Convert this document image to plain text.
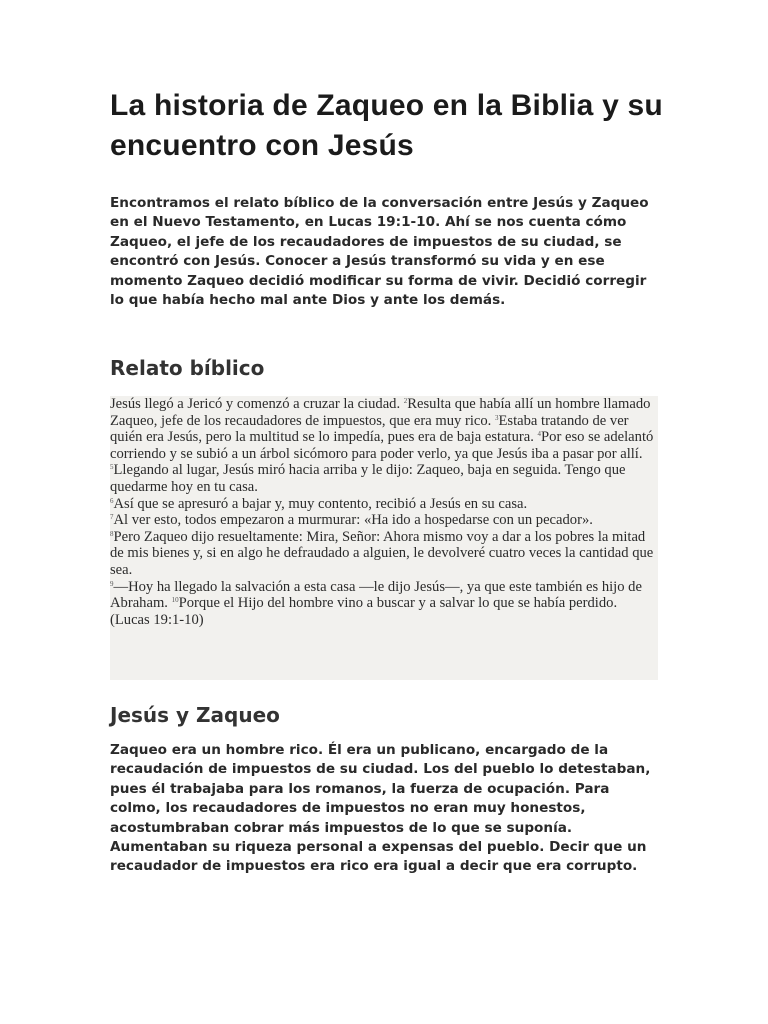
La historia de Zaqueo en la Biblia y su encuentro con Jesús

Encontramos el relato bíblico de la conversación entre Jesús y Zaqueo en el Nuevo Testamento, en Lucas 19:1-10. Ahí se nos cuenta cómo Zaqueo, el jefe de los recaudadores de impuestos de su ciudad, se encontró con Jesús. Conocer a Jesús transformó su vida y en ese momento Zaqueo decidió modificar su forma de vivir. Decidió corregir lo que había hecho mal ante Dios y ante los demás.

Relato bíblico

Jesús llegó a Jericó y comenzó a cruzar la ciudad. $^2$Resulta que había allí un hombre llamado Zaqueo, jefe de los recaudadores de impuestos, que era muy rico. $^3$Estaba tratando de ver quién era Jesús, pero la multitud se lo impedía, pues era de baja estatura. $^4$Por eso se adelantó corriendo y se subió a un árbol sicómoro para poder verlo, ya que Jesús iba a pasar por allí.

$^5$Llegando al lugar, Jesús miró hacia arriba y le dijo: Zaqueo, baja en seguida. Tengo que quedarme hoy en tu casa.

$^6$Así que se apresuró a bajar y, muy contento, recibió a Jesús en su casa.

$^7$Al ver esto, todos empezaron a murmurar: «Ha ido a hospedarse con un pecador».

$^8$Pero Zaqueo dijo resueltamente: Mira, Señor: Ahora mismo voy a dar a los pobres la mitad de mis bienes y, si en algo he defraudado a alguien, le devolveré cuatro veces la cantidad que sea.

$^9$—Hoy ha llegado la salvación a esta casa —le dijo Jesús—, ya que este también es hijo de Abraham. $^{10}$Porque el Hijo del hombre vino a buscar y a salvar lo que se había perdido.

(Lucas 19:1-10)

Jesús y Zaqueo

Zaqueo era un hombre rico. Él era un publicano, encargado de la recaudación de impuestos de su ciudad. Los del pueblo lo detestaban, pues él trabajaba para los romanos, la fuerza de ocupación. Para colmo, los recaudadores de impuestos no eran muy honestos, acostumbraban cobrar más impuestos de lo que se suponía. Aumentaban su riqueza personal a expensas del pueblo. Decir que un recaudador de impuestos era rico era igual a decir que era corrupto.
